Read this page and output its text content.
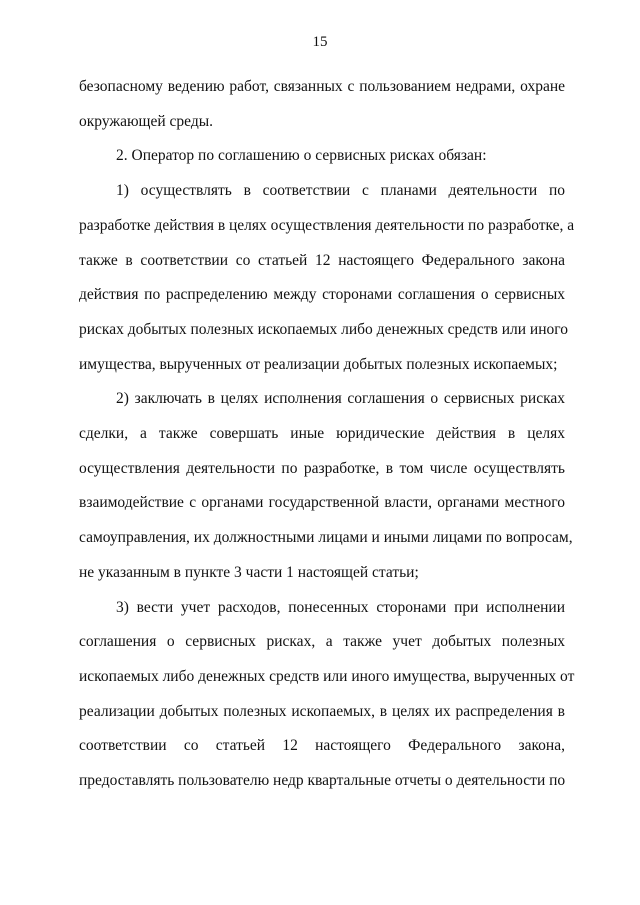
15
безопасному ведению работ, связанных с пользованием недрами, охране
окружающей среды.
2. Оператор по соглашению о сервисных рисках обязан:
1) осуществлять в соответствии с планами деятельности по
разработке действия в целях осуществления деятельности по разработке, а
также в соответствии со статьей 12 настоящего Федерального закона
действия по распределению между сторонами соглашения о сервисных
рисках добытых полезных ископаемых либо денежных средств или иного
имущества, вырученных от реализации добытых полезных ископаемых;
2) заключать в целях исполнения соглашения о сервисных рисках
сделки, а также совершать иные юридические действия в целях
осуществления деятельности по разработке, в том числе осуществлять
взаимодействие с органами государственной власти, органами местного
самоуправления, их должностными лицами и иными лицами по вопросам,
не указанным в пункте 3 части 1 настоящей статьи;
3) вести учет расходов, понесенных сторонами при исполнении
соглашения о сервисных рисках, а также учет добытых полезных
ископаемых либо денежных средств или иного имущества, вырученных от
реализации добытых полезных ископаемых, в целях их распределения в
соответствии со статьей 12 настоящего Федерального закона,
предоставлять пользователю недр квартальные отчеты о деятельности по
